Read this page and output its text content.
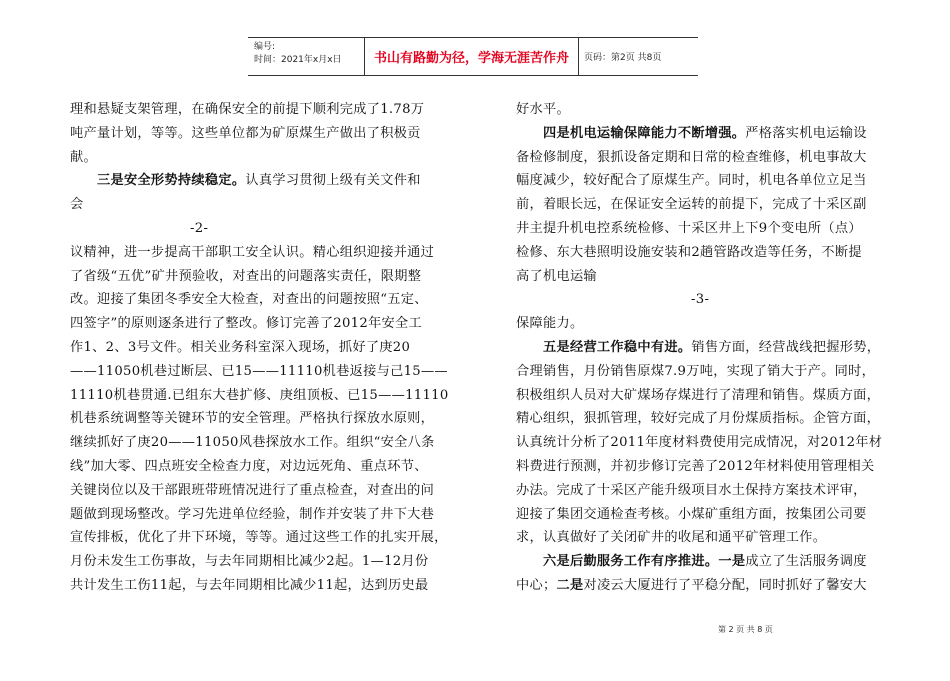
编号:
时间：2021年x月x日	书山有路勤为径，学海无涯苦作舟	页码：第2页 共8页

理和悬疑支架管理，在确保安全的前提下顺利完成了1.78万

吨产量计划，等等。这些单位都为矿原煤生产做出了积极贡

献。

  三是安全形势持续稳定。认真学习贯彻上级有关文件和

会

-2-

议精神，进一步提高干部职工安全认识。精心组织迎接并通过

了省级“五优”矿井预验收，对查出的问题落实责任，限期整

改。迎接了集团冬季安全大检查，对查出的问题按照“五定、

四签字”的原则逐条进行了整改。修订完善了2012年安全工

作1、2、3号文件。相关业务科室深入现场，抓好了庚20

——11050机巷过断层、已15——11110机巷返接与己15——

11110机巷贯通.已组东大巷扩修、庚组顶板、已15——11110

机巷系统调整等关键环节的安全管理。严格执行探放水原则，

继续抓好了庚20——11050风巷探放水工作。组织“安全八条

线”加大零、四点班安全检查力度，对边远死角、重点环节、

关键岗位以及干部跟班带班情况进行了重点检查，对查出的问

题做到现场整改。学习先进单位经验，制作并安装了井下大巷

宣传排板，优化了井下环境，等等。通过这些工作的扎实开展，

月份未发生工伤事故，与去年同期相比减少2起。1—12月份

共计发生工伤11起，与去年同期相比减少11起，达到历史最

好水平。

  四是机电运输保障能力不断增强。严格落实机电运输设

备检修制度，狠抓设备定期和日常的检查维修，机电事故大

幅度减少，较好配合了原煤生产。同时，机电各单位立足当

前，着眼长远，在保证安全运转的前提下，完成了十采区副

井主提升机电控系统检修、十采区井上下9个变电所（点）

检修、东大巷照明设施安装和2趟管路改造等任务，不断提

高了机电运输

-3-

保障能力。

  五是经营工作稳中有进。销售方面，经营战线把握形势，

合理销售，月份销售原煤7.9万吨，实现了销大于产。同时，

积极组织人员对大矿煤场存煤进行了清理和销售。煤质方面，

精心组织，狠抓管理，较好完成了月份煤质指标。企管方面，

认真统计分析了2011年度材料费使用完成情况，对2012年材

料费进行预测，并初步修订完善了2012年材料使用管理相关

办法。完成了十采区产能升级项目水土保持方案技术评审，

迎接了集团交通检查考核。小煤矿重组方面，按集团公司要

求，认真做好了关闭矿井的收尾和通平矿管理工作。

  六是后勤服务工作有序推进。一是成立了生活服务调度

中心；二是对凌云大厦进行了平稳分配，同时抓好了馨安大

第 2 页 共 8 页
